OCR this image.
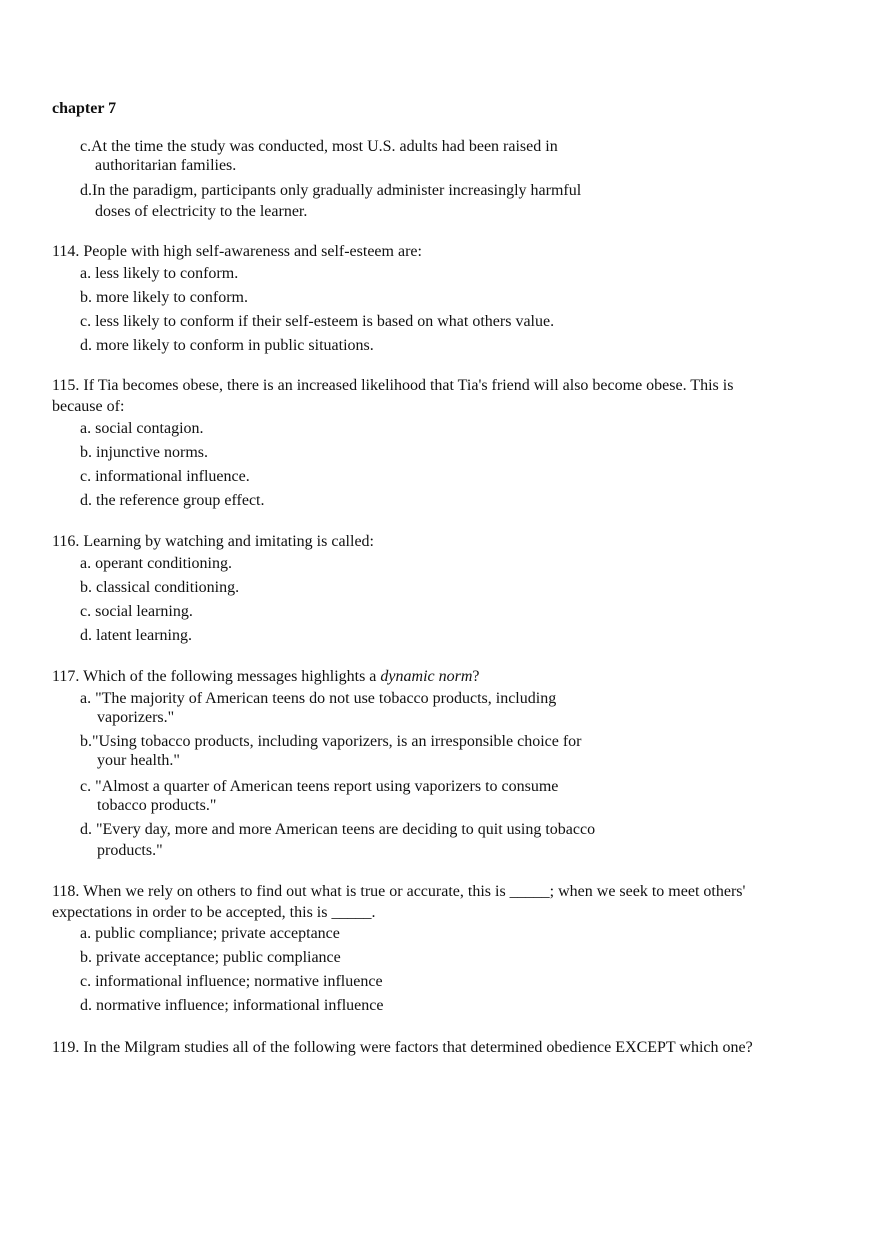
chapter 7
c.At the time the study was conducted, most U.S. adults had been raised in
authoritarian families.
d.In the paradigm, participants only gradually administer increasingly harmful
doses of electricity to the learner.
114. People with high self-awareness and self-esteem are:
a. less likely to conform.
b. more likely to conform.
c. less likely to conform if their self-esteem is based on what others value.
d. more likely to conform in public situations.
115. If Tia becomes obese, there is an increased likelihood that Tia's friend will also become obese. This is
because of:
a. social contagion.
b. injunctive norms.
c. informational influence.
d. the reference group effect.
116. Learning by watching and imitating is called:
a. operant conditioning.
b. classical conditioning.
c. social learning.
d. latent learning.
117. Which of the following messages highlights a dynamic norm?
a. "The majority of American teens do not use tobacco products, including
vaporizers."
b."Using tobacco products, including vaporizers, is an irresponsible choice for
your health."
c. "Almost a quarter of American teens report using vaporizers to consume
tobacco products."
d. "Every day, more and more American teens are deciding to quit using tobacco
products."
118. When we rely on others to find out what is true or accurate, this is _____; when we seek to meet others'
expectations in order to be accepted, this is _____.
a. public compliance; private acceptance
b. private acceptance; public compliance
c. informational influence; normative influence
d. normative influence; informational influence
119. In the Milgram studies all of the following were factors that determined obedience EXCEPT which one?
